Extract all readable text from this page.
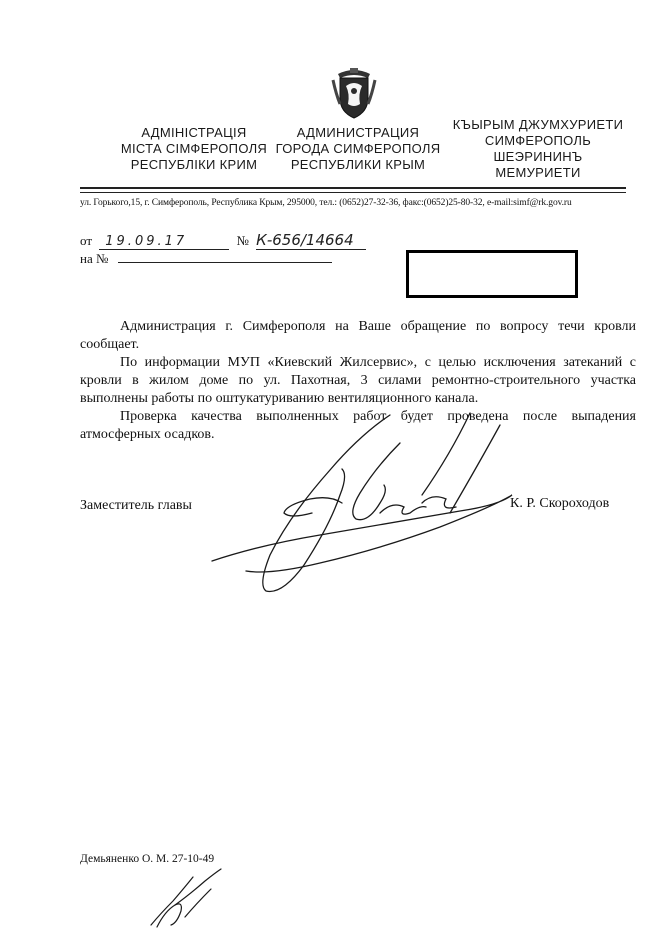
АДМІНІСТРАЦІЯ
МІСТА СІМФЕРОПОЛЯ
РЕСПУБЛІКИ КРИМ
АДМИНИСТРАЦИЯ
ГОРОДА СИМФЕРОПОЛЯ
РЕСПУБЛИКИ КРЫМ
КЪЫРЫМ ДЖУМХУРИЕТИ
СИМФЕРОПОЛЬ
ШЕЭРИНИНЪ
МЕМУРИЕТИ
ул. Горького,15, г. Симферополь, Республика Крым, 295000, тел.: (0652)27-32-36, факс:(0652)25-80-32, e-mail:simf@rk.gov.ru
от 19.09.17	№ К-656/14664
на №

Администрация г. Симферополя на Ваше обращение по вопросу течи кровли сообщает.

По информации МУП «Киевский Жилсервис», с целью исключения затеканий с кровли в жилом доме по ул. Пахотная, 3 силами ремонтно-строительного участка выполнены работы по оштукатуриванию вентиляционного канала.

Проверка качества выполненных работ будет проведена после выпадения атмосферных осадков.

Заместитель главы	К. Р. Скороходов
Демьяненко О. М. 27-10-49
